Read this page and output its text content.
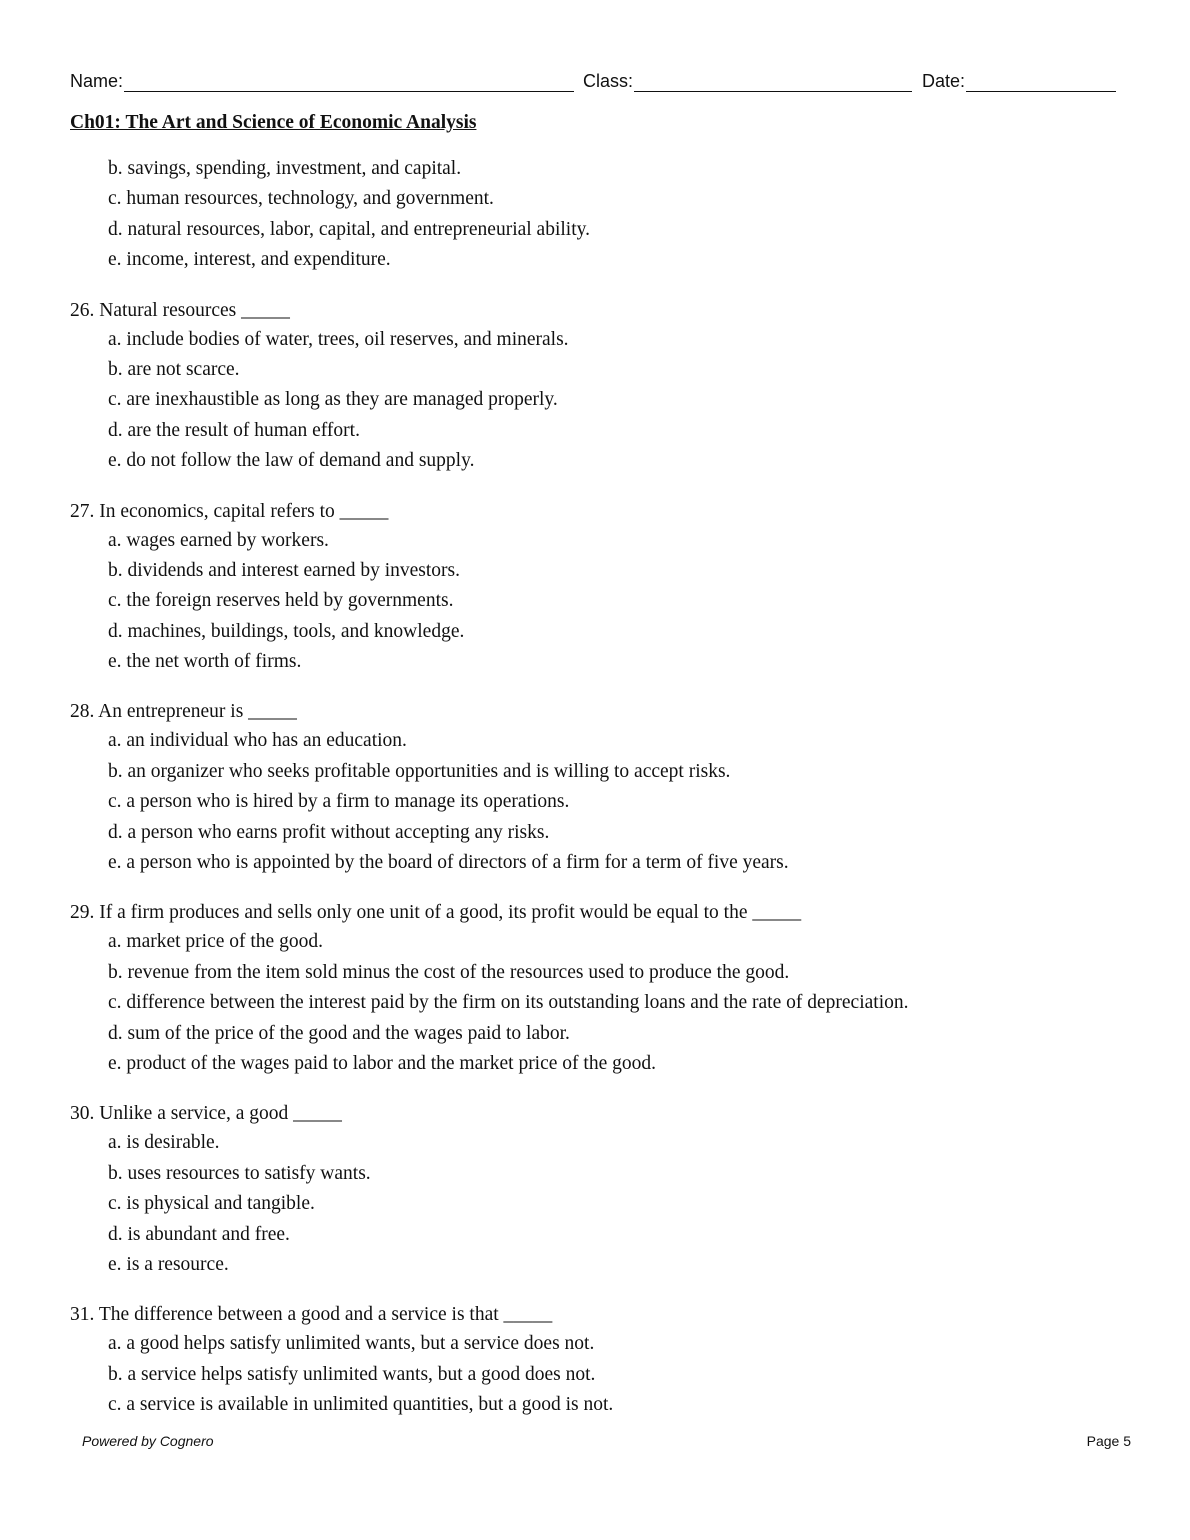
Name:	Class:	Date:
Ch01: The Art and Science of Economic Analysis
b. savings, spending, investment, and capital.
c. human resources, technology, and government.
d. natural resources, labor, capital, and entrepreneurial ability.
e. income, interest, and expenditure.
26. Natural resources _____
a. include bodies of water, trees, oil reserves, and minerals.
b. are not scarce.
c. are inexhaustible as long as they are managed properly.
d. are the result of human effort.
e. do not follow the law of demand and supply.
27. In economics, capital refers to _____
a. wages earned by workers.
b. dividends and interest earned by investors.
c. the foreign reserves held by governments.
d. machines, buildings, tools, and knowledge.
e. the net worth of firms.
28. An entrepreneur is _____
a. an individual who has an education.
b. an organizer who seeks profitable opportunities and is willing to accept risks.
c. a person who is hired by a firm to manage its operations.
d. a person who earns profit without accepting any risks.
e. a person who is appointed by the board of directors of a firm for a term of five years.
29. If a firm produces and sells only one unit of a good, its profit would be equal to the _____
a. market price of the good.
b. revenue from the item sold minus the cost of the resources used to produce the good.
c. difference between the interest paid by the firm on its outstanding loans and the rate of depreciation.
d. sum of the price of the good and the wages paid to labor.
e. product of the wages paid to labor and the market price of the good.
30. Unlike a service, a good _____
a. is desirable.
b. uses resources to satisfy wants.
c. is physical and tangible.
d. is abundant and free.
e. is a resource.
31. The difference between a good and a service is that _____
a. a good helps satisfy unlimited wants, but a service does not.
b. a service helps satisfy unlimited wants, but a good does not.
c. a service is available in unlimited quantities, but a good is not.
Powered by Cognero	Page 5
